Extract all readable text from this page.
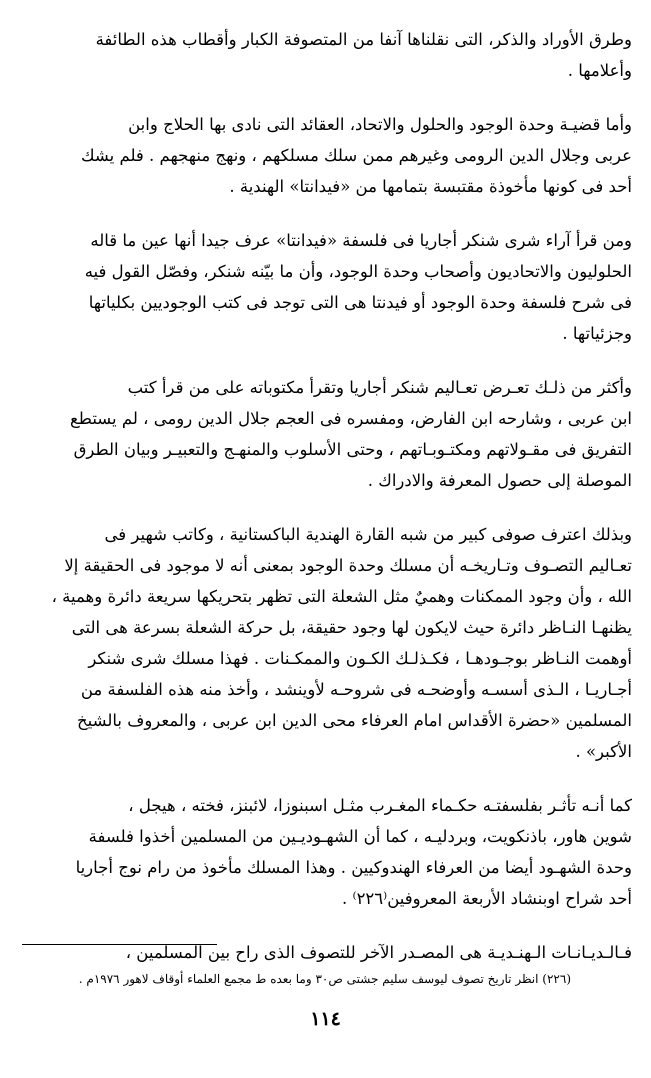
وطرق الأوراد والذكر، التى نقلناها آنفا من المتصوفة الكبار وأقطاب هذه الطائفة
وأعلامها .
وأما قضيـة وحدة الوجود والحلول والاتحاد، العقائد التى نادى بها الحلاج وابن
عربى وجلال الدين الرومى وغيرهم ممن سلك مسلكهم ، ونهج منهجهم . فلم يشك
أحد فى كونها مأخوذة مقتبسة بتمامها من «فيدانتا» الهندية .
ومن قرأ آراء شرى شنكر أجاريا فى فلسفة «فيدانتا» عرف جيدا أنها عين ما قاله
الحلوليون والاتحاديون وأصحاب وحدة الوجود، وأن ما بيّنه شنكر، وفصّل القول فيه
فى شرح فلسفة وحدة الوجود أو فيدنتا هى التى توجد فى كتب الوجوديين بكلياتها
وجزئياتها .
وأكثر من ذلـك تعـرض تعـاليم شنكر أجاريا وتقرأ مكتوباته على من قرأ كتب
ابن عربى ، وشارحه ابن الفارض، ومفسره فى العجم جلال الدين رومى ، لم يستطع
التفريق فى مقـولاتهم ومكتـوبـاتهم ، وحتى الأسلوب والمنهـج والتعبيـر وبيان الطرق
الموصلة إلى حصول المعرفة والادراك .
وبذلك اعترف صوفى كبير من شبه القارة الهندية الباكستانية ، وكاتب شهير فى
تعـاليم التصـوف وتـاريخـه أن مسلك وحدة الوجود بمعنى أنه لا موجود فى الحقيقة إلا
الله ، وأن وجود الممكنات وهميٌ مثل الشعلة التى تظهر بتحريكها سريعة دائرة وهمية ،
يظنهـا النـاظر دائرة حيث لايكون لها وجود حقيقة، بل حركة الشعلة بسرعة هى التى
أوهمت النـاظر بوجـودهـا ، فكـذلـك الكـون والممكـنات . فهذا مسلك شرى شنكر
أجـاريـا ، الـذى أسسـه وأوضحـه فى شروحـه لأوينشد ، وأخذ منه هذه الفلسفة من
المسلمين «حضرة الأقداس امام العرفاء محى الدين ابن عربى ، والمعروف بالشيخ
الأكبر» .
كما أنـه تأثـر بفلسفتـه حكـماء المغـرب مثـل اسبنوزا، لائبنز، فخته ، هيجل ،
شوين هاور، باذنكويت، وبردليـه ، كما أن الشهـوديـين من المسلمين أخذوا فلسفة
وحدة الشهـود أيضا من العرفاء الهندوكيين . وهذا المسلك مأخوذ من رام نوج أجاريا
أحد شراح اوبنشاد الأربعة المعروفين⁽٢٢٦⁾ .
فـالـديـانـات الـهنـديـة هى المصـدر الآخر للتصوف الذى راح بين المسلمين ،
(٢٢٦) انظر تاريخ تصوف ليوسف سليم جشتى ص٣٠ وما بعده ط مجمع العلماء أوقاف لاهور ١٩٧٦م .
١١٤
